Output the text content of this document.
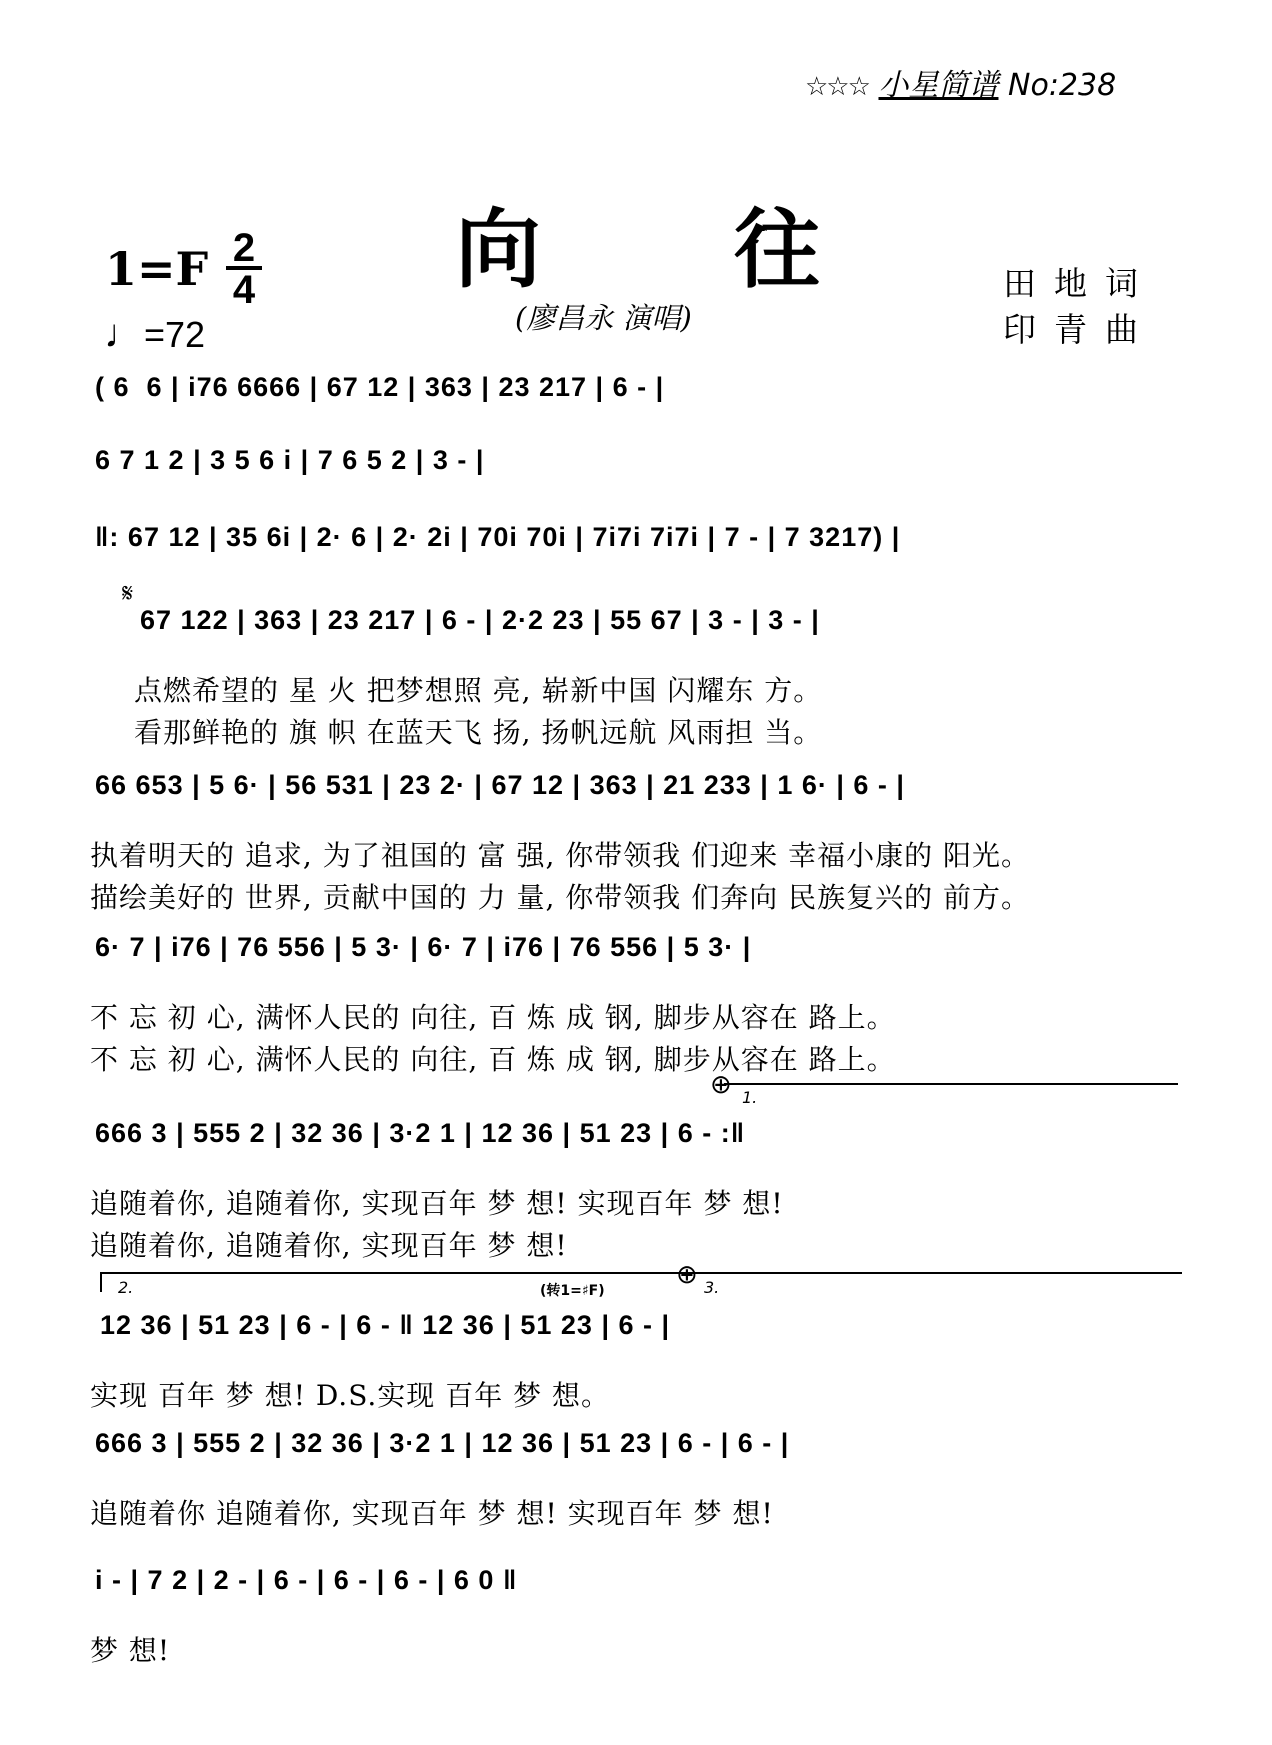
☆☆☆ 小星简谱 No:238
向 往
(廖昌永 演唱)
田地词
印青曲
$1=F \frac{2}{4}$
♩=72
( 6  6 | i76 6666 | 67 12 | 363 | 23 217 | 6 - |
6 7 1 2 | 3 5 6 i | 7 6 5 2 | 3 - |
‖: 67 12 | 35 6i | 2· 6 | 2· 2i | 70i 70i | 7i7i 7i7i | 7 - | 7 3217) |
𝄋
67 122 | 363 | 23 217 | 6 - | 2·2 23 | 55 67 | 3 - | 3 - |
点燃希望的 星 火 把梦想照 亮, 崭新中国 闪耀东 方。
看那鲜艳的 旗 帜 在蓝天飞 扬, 扬帆远航 风雨担 当。
66 653 | 5 6· | 56 531 | 23 2· | 67 12 | 363 | 21 233 | 1 6· | 6 - |
执着明天的 追求, 为了祖国的 富 强, 你带领我 们迎来 幸福小康的 阳光。
描绘美好的 世界, 贡献中国的 力 量, 你带领我 们奔向 民族复兴的 前方。
6· 7 | i76 | 76 556 | 5 3· | 6· 7 | i76 | 76 556 | 5 3· |
不 忘 初 心, 满怀人民的 向往, 百 炼 成 钢, 脚步从容在 路上。
不 忘 初 心, 满怀人民的 向往, 百 炼 成 钢, 脚步从容在 路上。
⊕ 1.
666 3 | 555 2 | 32 36 | 3·2 1 | 12 36 | 51 23 | 6 - :‖
追随着你, 追随着你, 实现百年 梦 想! 实现百年 梦 想!
追随着你, 追随着你, 实现百年 梦 想!
2.	(转1=♯F)
⊕ 3.
12 36 | 51 23 | 6 - | 6 - ‖ 12 36 | 51 23 | 6 - |
实现 百年 梦 想! D.S.实现 百年 梦 想。
666 3 | 555 2 | 32 36 | 3·2 1 | 12 36 | 51 23 | 6 - | 6 - |
追随着你 追随着你, 实现百年 梦 想! 实现百年 梦 想!
i - | 7 2 | 2 - | 6 - | 6 - | 6 - | 6 0 ‖
梦 想!
